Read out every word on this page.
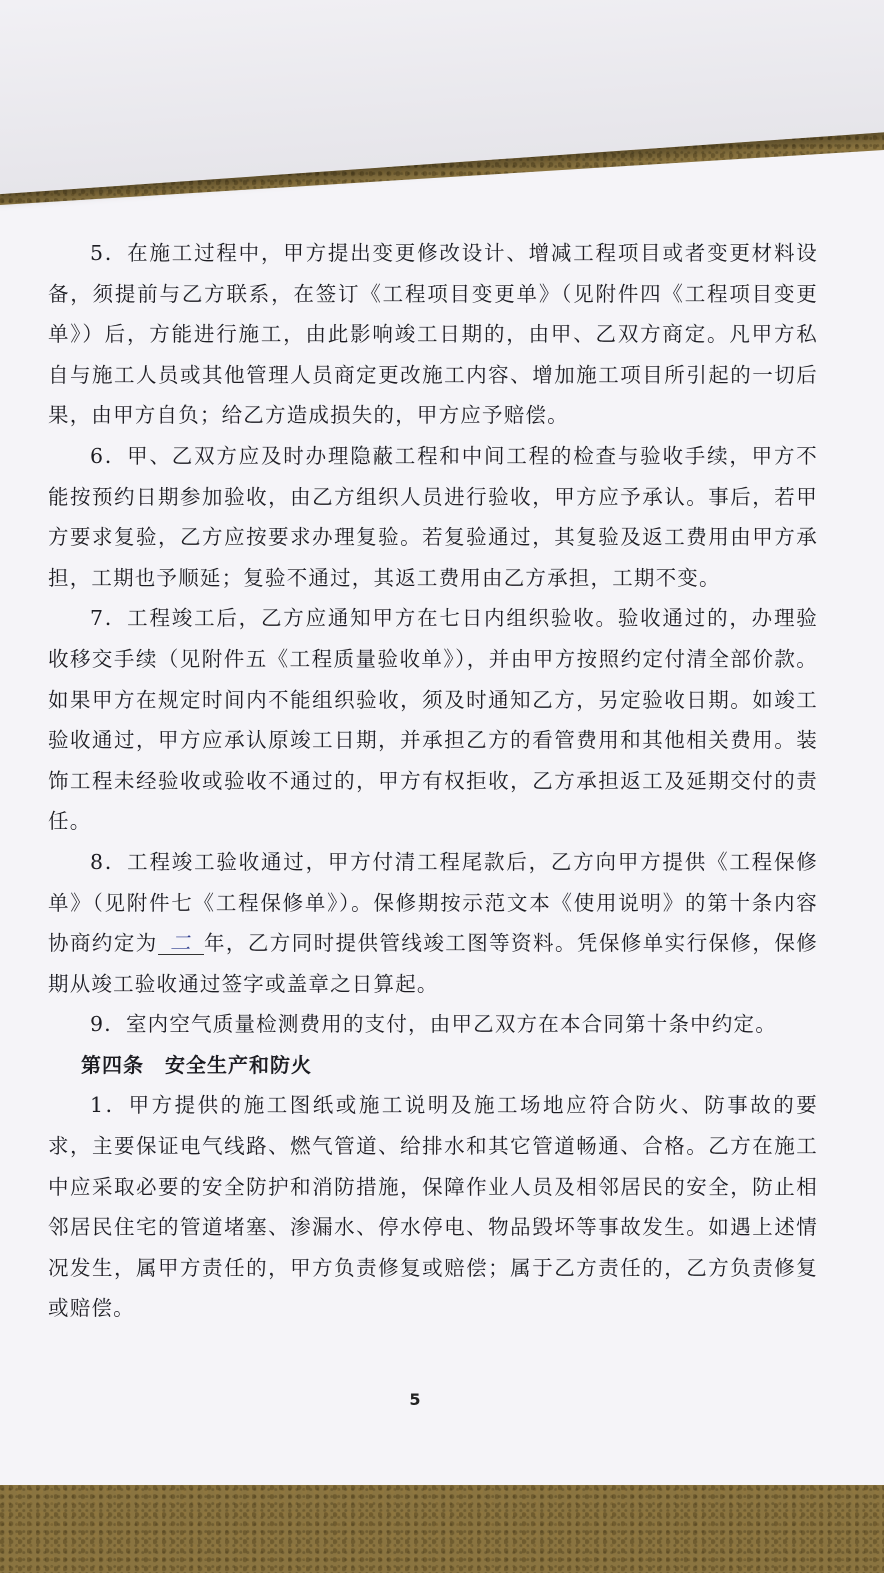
5．在施工过程中，甲方提出变更修改设计、增减工程项目或者变更材料设备，须提前与乙方联系，在签订《工程项目变更单》（见附件四《工程项目变更单》）后，方能进行施工，由此影响竣工日期的，由甲、乙双方商定。凡甲方私自与施工人员或其他管理人员商定更改施工内容、增加施工项目所引起的一切后果，由甲方自负；给乙方造成损失的，甲方应予赔偿。

6．甲、乙双方应及时办理隐蔽工程和中间工程的检查与验收手续，甲方不能按预约日期参加验收，由乙方组织人员进行验收，甲方应予承认。事后，若甲方要求复验，乙方应按要求办理复验。若复验通过，其复验及返工费用由甲方承担，工期也予顺延；复验不通过，其返工费用由乙方承担，工期不变。

7．工程竣工后，乙方应通知甲方在七日内组织验收。验收通过的，办理验收移交手续（见附件五《工程质量验收单》），并由甲方按照约定付清全部价款。如果甲方在规定时间内不能组织验收，须及时通知乙方，另定验收日期。如竣工验收通过，甲方应承认原竣工日期，并承担乙方的看管费用和其他相关费用。装饰工程未经验收或验收不通过的，甲方有权拒收，乙方承担返工及延期交付的责任。

8．工程竣工验收通过，甲方付清工程尾款后，乙方向甲方提供《工程保修单》（见附件七《工程保修单》）。保修期按示范文本《使用说明》的第十条内容协商约定为 二 年，乙方同时提供管线竣工图等资料。凭保修单实行保修，保修期从竣工验收通过签字或盖章之日算起。

9．室内空气质量检测费用的支付，由甲乙双方在本合同第十条中约定。

第四条　安全生产和防火

1．甲方提供的施工图纸或施工说明及施工场地应符合防火、防事故的要求，主要保证电气线路、燃气管道、给排水和其它管道畅通、合格。乙方在施工中应采取必要的安全防护和消防措施，保障作业人员及相邻居民的安全，防止相邻居民住宅的管道堵塞、渗漏水、停水停电、物品毁坏等事故发生。如遇上述情况发生，属甲方责任的，甲方负责修复或赔偿；属于乙方责任的，乙方负责修复或赔偿。

5
